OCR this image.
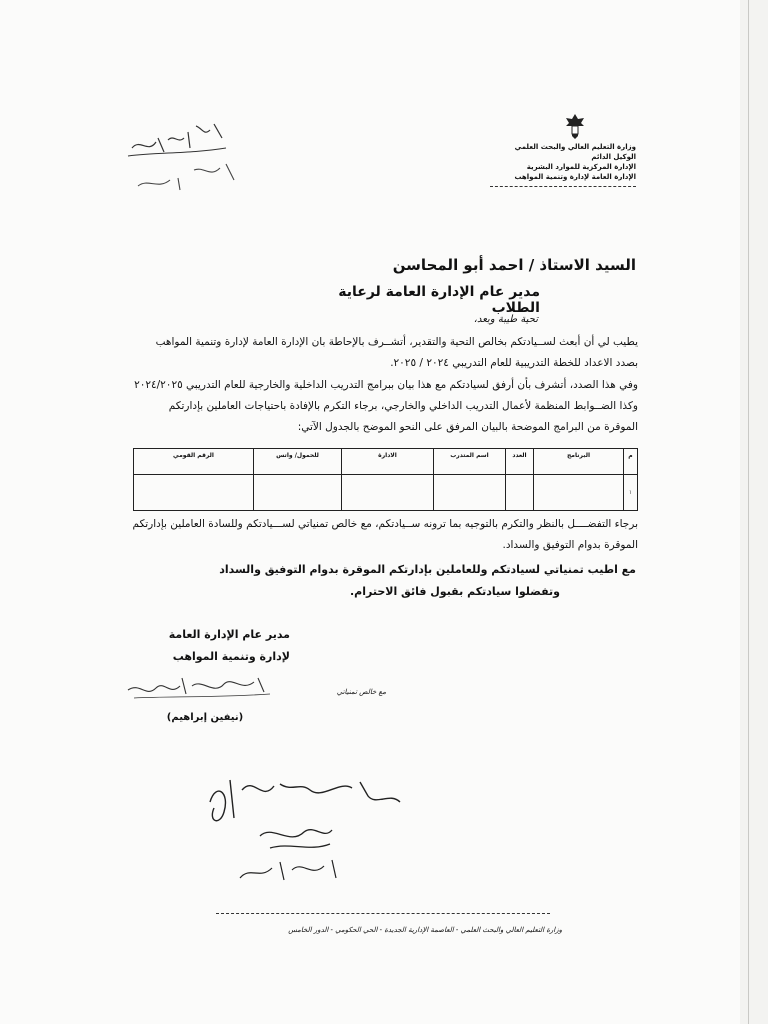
وزارة التعليم العالي والبحث العلمي
الوكيل الدائم
الإدارة المركزية للموارد البشرية
الإدارة العامة لإدارة وتنمية المواهب
السيد الاستاذ / احمد أبو المحاسن
مدير عام الإدارة العامة لرعاية الطلاب
تحية طيبة وبعد،
يطيب لي أن أبعث لســيادتكم بخالص التحية والتقدير، أتشــرف بالإحاطة بان الإدارة العامة لإدارة وتنمية المواهب بصدد الاعداد للخطة التدريبية للعام التدريبي ٢٠٢٤ / ٢٠٢٥.
وفي هذا الصدد، أتشرف بأن أرفق لسيادتكم مع هذا بيان ببرامج التدريب الداخلية والخارجية للعام التدريبي ٢٠٢٤/٢٠٢٥ وكذا الضــوابط المنظمة لأعمال التدريب الداخلي والخارجي، برجاء التكرم بالإفادة باحتياجات العاملين بإدارتكم الموقرة من البرامج الموضحة بالبيان المرفق على النحو الموضح بالجدول الآتي:
م	البرنامج	العدد	اسم المتدرب	الادارة	للحمول/ واتس	الرقم القومي
١						
برجاء التفضــــل بالنظر والتكرم بالتوجيه بما ترونه ســيادتكم، مع خالص تمنياتي لســـيادتكم وللسادة العاملين بإدارتكم الموقرة بدوام التوفيق والسداد.
مع اطيب تمنياتي لسيادتكم وللعاملين بإدارتكم الموقرة بدوام التوفيق والسداد
وتفضلوا سيادتكم بقبول فائق الاحترام.
مدير عام الإدارة العامة
لإدارة وتنمية المواهب
مع خالص تمنياتي
(نيفين إبراهيم)
وزارة التعليم العالي والبحث العلمي - العاصمة الإدارية الجديدة - الحي الحكومي - الدور الخامس
